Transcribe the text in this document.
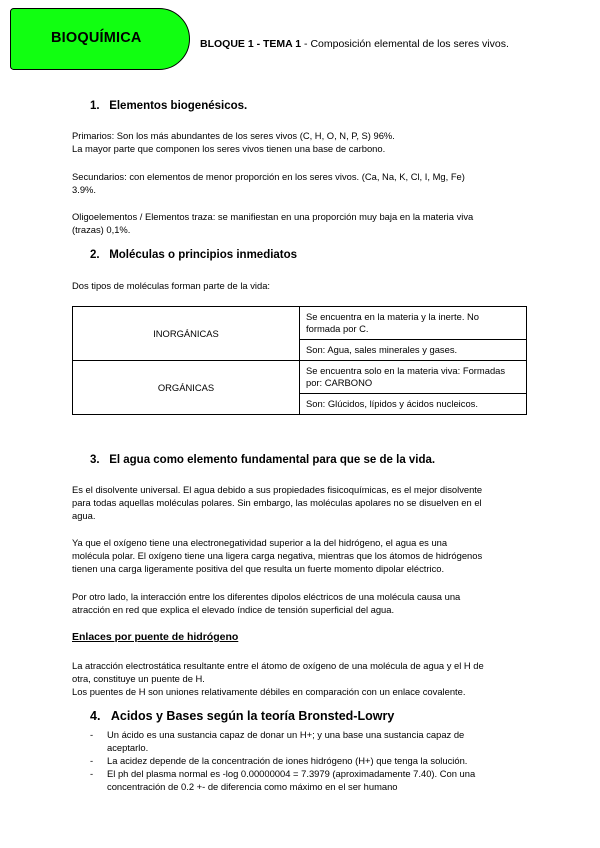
BIOQUÍMICA	BLOQUE 1 - TEMA 1 - Composición elemental de los seres vivos.
1. Elementos biogenésicos.
Primarios: Son los más abundantes de los seres vivos (C, H, O, N, P, S) 96%.
La mayor parte que componen los seres vivos tienen una base de carbono.
Secundarios: con elementos de menor proporción en los seres vivos. (Ca, Na, K, Cl, I, Mg, Fe)
3.9%.
Oligoelementos / Elementos traza: se manifiestan en una proporción muy baja en la materia viva
(trazas) 0,1%.
2. Moléculas o principios inmediatos
Dos tipos de moléculas forman parte de la vida:
INORGÁNICAS	Se encuentra en la materia y la inerte. No
formada por C.

	Son: Agua, sales minerales y gases.
ORGÁNICAS	Se encuentra solo en la materia viva: Formadas
por: CARBONO

	Son: Glúcidos, lípidos y ácidos nucleicos.
3. El agua como elemento fundamental para que se de la vida.
Es el disolvente universal. El agua debido a sus propiedades fisicoquímicas, es el mejor disolvente
para todas aquellas moléculas polares. Sin embargo, las moléculas apolares no se disuelven en el
agua.
Ya que el oxígeno tiene una electronegatividad superior a la del hidrógeno, el agua es una
molécula polar. El oxígeno tiene una ligera carga negativa, mientras que los átomos de hidrógenos
tienen una carga ligeramente positiva del que resulta un fuerte momento dipolar eléctrico.
Por otro lado, la interacción entre los diferentes dipolos eléctricos de una molécula causa una
atracción en red que explica el elevado índice de tensión superficial del agua.
Enlaces por puente de hidrógeno
La atracción electrostática resultante entre el átomo de oxígeno de una molécula de agua y el H de
otra, constituye un puente de H.
Los puentes de H son uniones relativamente débiles en comparación con un enlace covalente.
4. Acidos y Bases según la teoría Bronsted-Lowry
- Un ácido es una sustancia capaz de donar un H+; y una base una sustancia capaz de
aceptarlo.
- La acidez depende de la concentración de iones hidrógeno (H+) que tenga la solución.
- El ph del plasma normal es -log 0.00000004 = 7.3979 (aproximadamente 7.40). Con una
concentración de 0.2 +- de diferencia como máximo en el ser humano
